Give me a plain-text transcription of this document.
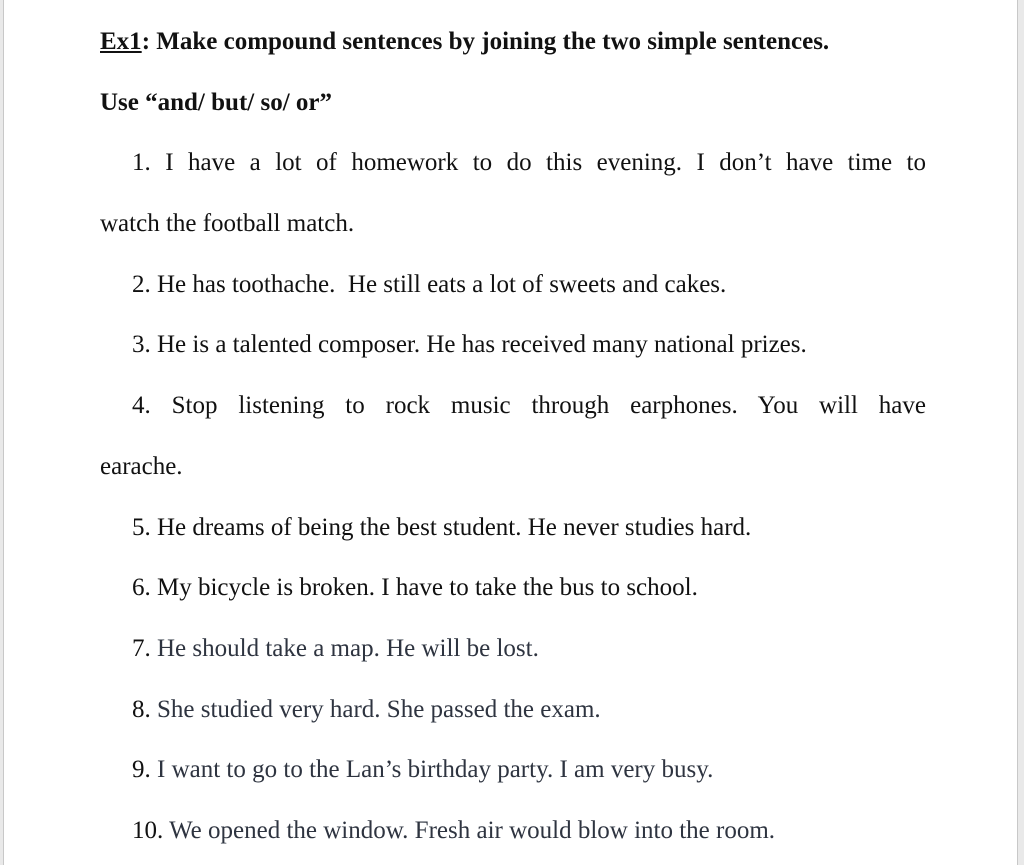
Ex1: Make compound sentences by joining the two simple sentences.
Use “and/ but/ so/ or”
1. I have a lot of homework to do this evening. I don’t have time to
watch the football match.
2. He has toothache.  He still eats a lot of sweets and cakes.
3. He is a talented composer. He has received many national prizes.
4. Stop listening to rock music through earphones. You will have
earache.
5. He dreams of being the best student. He never studies hard.
6. My bicycle is broken. I have to take the bus to school.
7. He should take a map. He will be lost.
8. She studied very hard. She passed the exam.
9. I want to go to the Lan’s birthday party. I am very busy.
10. We opened the window. Fresh air would blow into the room.
